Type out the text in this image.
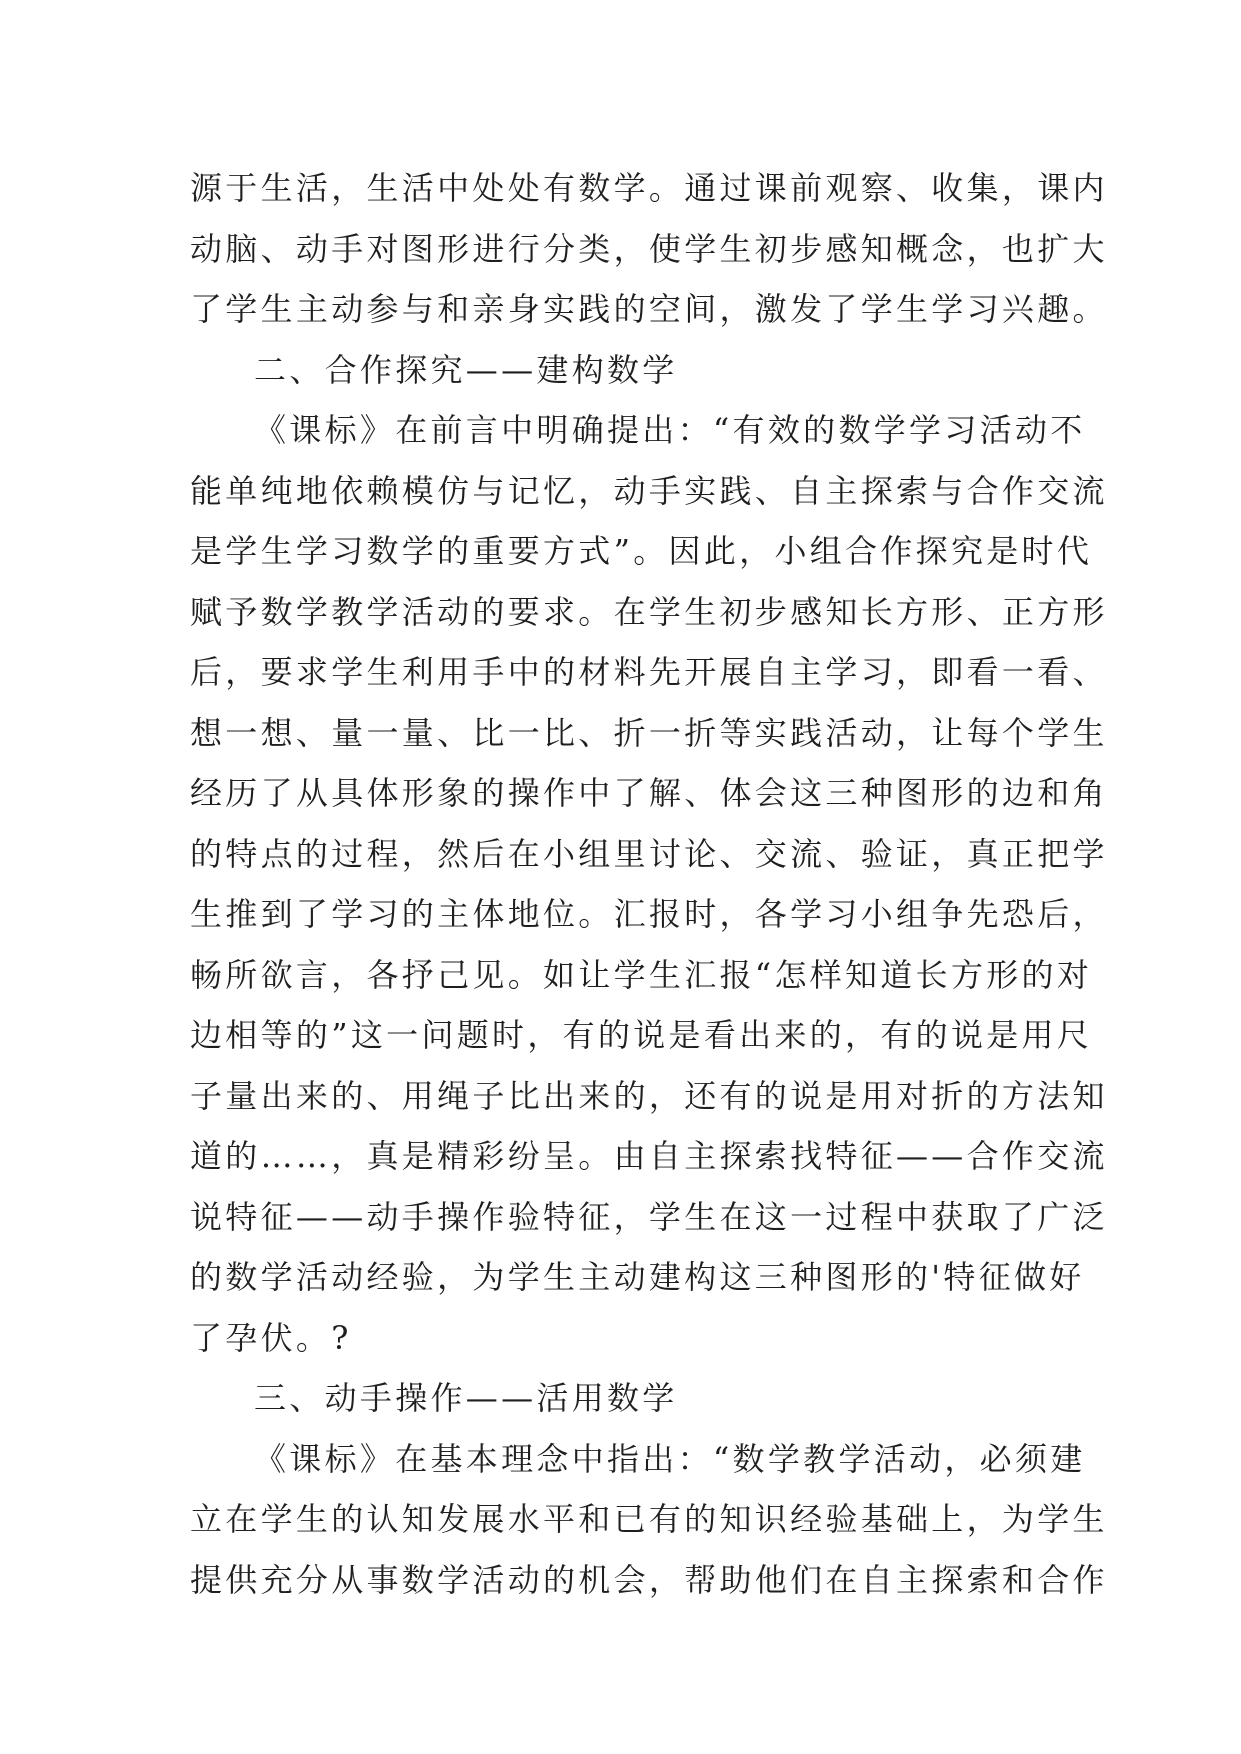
源于生活，生活中处处有数学。通过课前观察、收集，课内
动脑、动手对图形进行分类，使学生初步感知概念，也扩大
了学生主动参与和亲身实践的空间，激发了学生学习兴趣。
二、合作探究——建构数学
《课标》在前言中明确提出：“有效的数学学习活动不
能单纯地依赖模仿与记忆，动手实践、自主探索与合作交流
是学生学习数学的重要方式”。因此，小组合作探究是时代
赋予数学教学活动的要求。在学生初步感知长方形、正方形
后，要求学生利用手中的材料先开展自主学习，即看一看、
想一想、量一量、比一比、折一折等实践活动，让每个学生
经历了从具体形象的操作中了解、体会这三种图形的边和角
的特点的过程，然后在小组里讨论、交流、验证，真正把学
生推到了学习的主体地位。汇报时，各学习小组争先恐后，
畅所欲言，各抒己见。如让学生汇报“怎样知道长方形的对
边相等的”这一问题时，有的说是看出来的，有的说是用尺
子量出来的、用绳子比出来的，还有的说是用对折的方法知
道的……，真是精彩纷呈。由自主探索找特征——合作交流
说特征——动手操作验特征，学生在这一过程中获取了广泛
的数学活动经验，为学生主动建构这三种图形的'特征做好
了孕伏。?
三、动手操作——活用数学
《课标》在基本理念中指出：“数学教学活动，必须建
立在学生的认知发展水平和已有的知识经验基础上，为学生
提供充分从事数学活动的机会，帮助他们在自主探索和合作
